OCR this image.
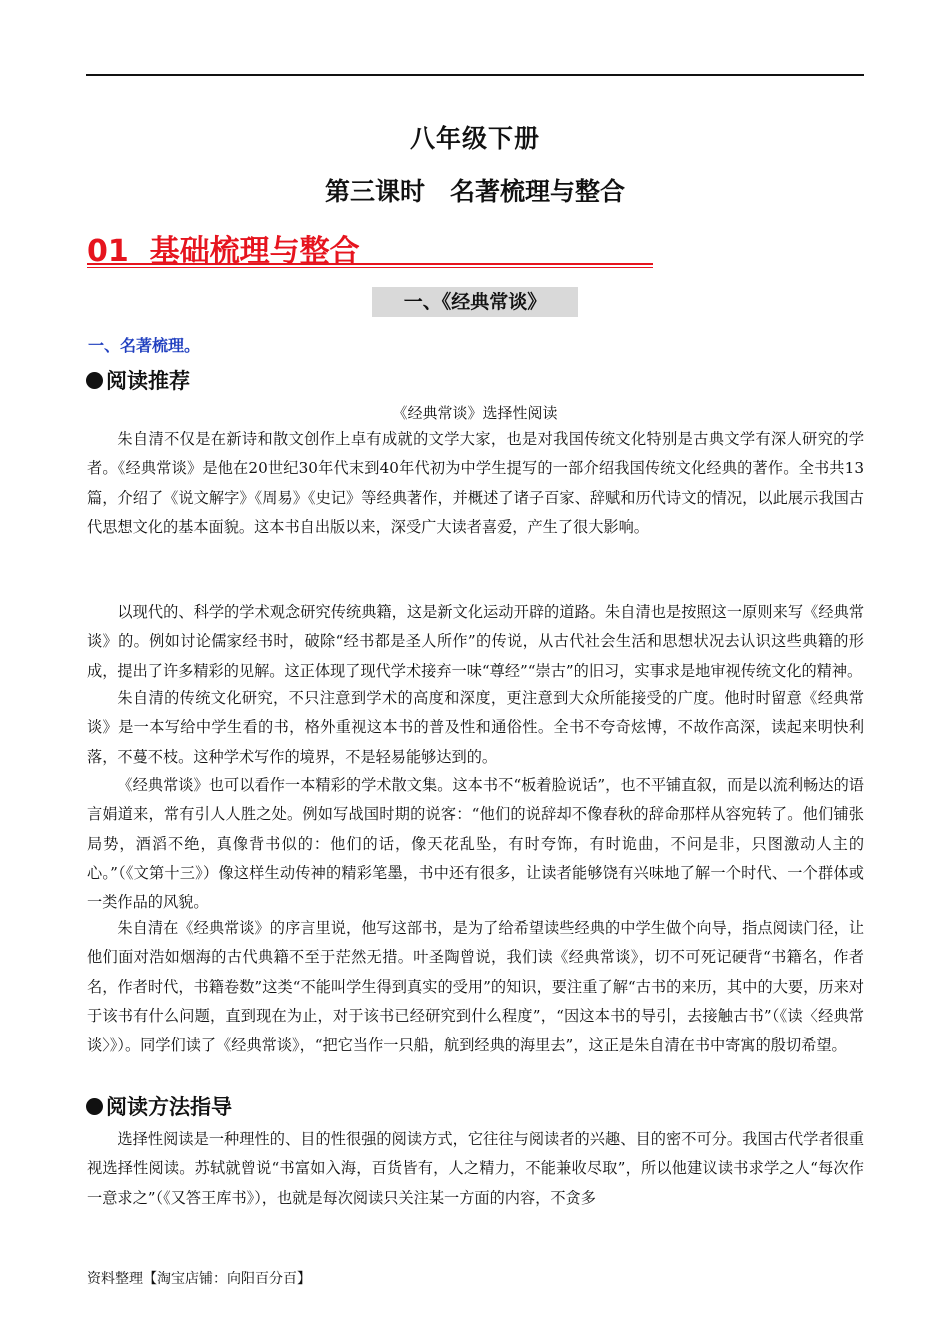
八年级下册
第三课时　名著梳理与整合
01  基础梳理与整合
一、《经典常谈》
一、名著梳理。
阅读推荐
《经典常谈》选择性阅读

朱自清不仅是在新诗和散文创作上卓有成就的文学大家，也是对我国传统文化特别是古典文学有深人研究的学者。《经典常谈》是他在20世纪30年代末到40年代初为中学生提写的一部介绍我国传统文化经典的著作。全书共13篇，介绍了《说文解字》《周易》《史记》等经典著作，并概述了诸子百家、辞赋和历代诗文的情况，以此展示我国古代思想文化的基本面貌。这本书自出版以来，深受广大读者喜爱，产生了很大影响。

以现代的、科学的学术观念研究传统典籍，这是新文化运动开辟的道路。朱自清也是按照这一原则来写《经典常谈》的。例如讨论儒家经书时，破除“经书都是圣人所作”的传说，从古代社会生活和思想状况去认识这些典籍的形成，提出了许多精彩的见解。这正体现了现代学术接弃一味“尊经”“崇古”的旧习，实事求是地审视传统文化的精神。

朱自清的传统文化研究，不只注意到学术的高度和深度，更注意到大众所能接受的广度。他时时留意《经典常谈》是一本写给中学生看的书，格外重视这本书的普及性和通俗性。全书不夸奇炫博，不故作高深，读起来明快利落，不蔓不枝。这种学术写作的境界，不是轻易能够达到的。

《经典常谈》也可以看作一本精彩的学术散文集。这本书不“板着脸说话”，也不平铺直叙，而是以流利畅达的语言娟道来，常有引人人胜之处。例如写战国时期的说客：“他们的说辞却不像春秋的辞命那样从容宛转了。他们铺张局势，酒滔不绝，真像背书似的：他们的话，像天花乱坠，有时夸饰，有时诡曲，不问是非，只图激动人主的心。”（《文第十三》）像这样生动传神的精彩笔墨，书中还有很多，让读者能够饶有兴味地了解一个时代、一个群体或一类作品的风貌。

朱自清在《经典常谈》的序言里说，他写这部书，是为了给希望读些经典的中学生做个向导，指点阅读门径，让他们面对浩如烟海的古代典籍不至于茫然无措。叶圣陶曾说，我们读《经典常谈》，切不可死记硬背“书籍名，作者名，作者时代，书籍卷数”这类“不能叫学生得到真实的受用”的知识，要注重了解“古书的来历，其中的大要，历来对于该书有什么问题，直到现在为止，对于该书已经研究到什么程度”，“因这本书的导引，去接触古书”（《读〈经典常谈〉》）。同学们读了《经典常谈》，“把它当作一只船，航到经典的海里去”，这正是朱自清在书中寄寓的殷切希望。

阅读方法指导

选择性阅读是一种理性的、目的性很强的阅读方式，它往往与阅读者的兴趣、目的密不可分。我国古代学者很重视选择性阅读。苏轼就曾说“书富如入海，百货皆有，人之精力，不能兼收尽取”，所以他建议读书求学之人“每次作一意求之”（《又答王库书》），也就是每次阅读只关注某一方面的内容，不贪多

资料整理【淘宝店铺：向阳百分百】
